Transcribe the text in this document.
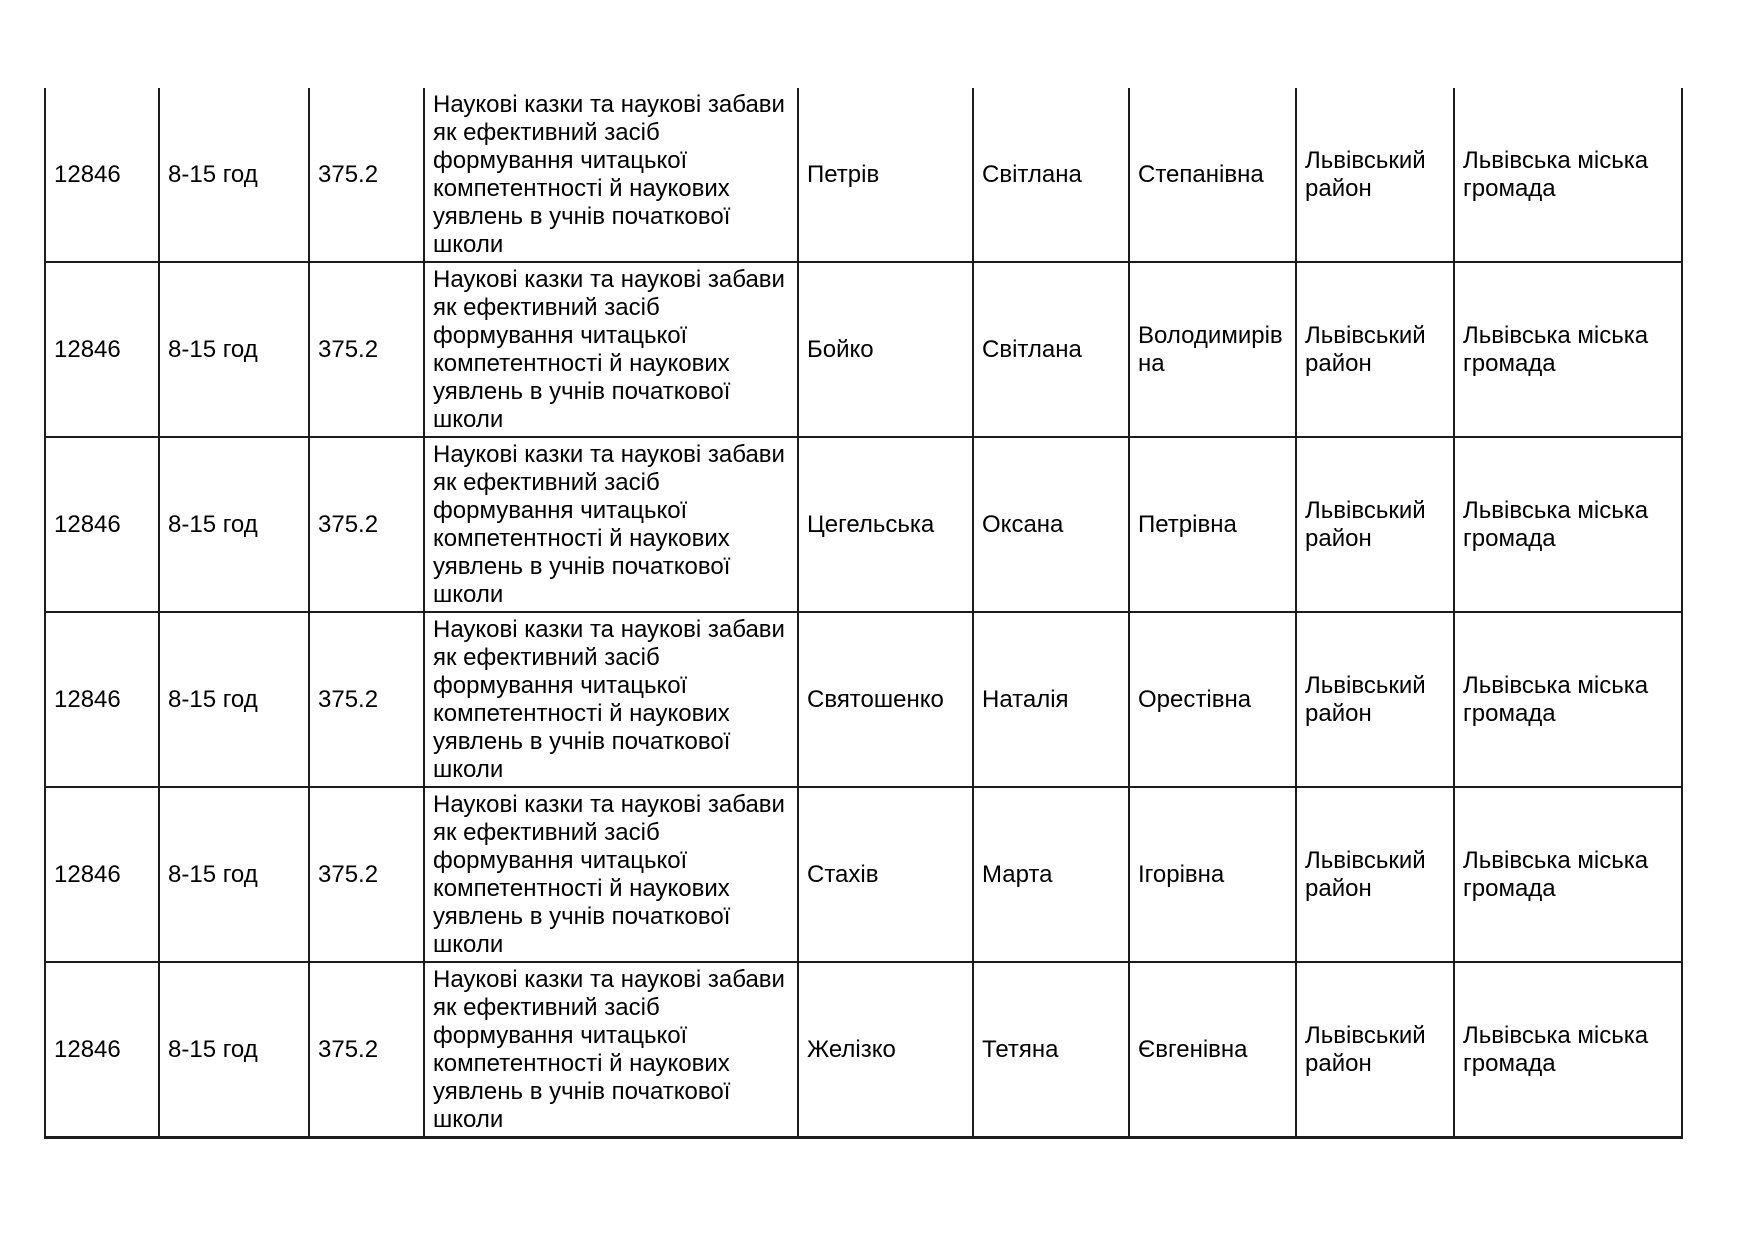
12846	8-15 год	375.2	Наукові казки та наукові забави як ефективний засіб формування читацької компетентності й наукових уявлень в учнів початкової школи	Петрів	Світлана	Степанівна	Львівський район	Львівська міська громада
12846	8-15 год	375.2	Наукові казки та наукові забави як ефективний засіб формування читацької компетентності й наукових уявлень в учнів початкової школи	Бойко	Світлана	Володимирівна	Львівський район	Львівська міська громада
12846	8-15 год	375.2	Наукові казки та наукові забави як ефективний засіб формування читацької компетентності й наукових уявлень в учнів початкової школи	Цегельська	Оксана	Петрівна	Львівський район	Львівська міська громада
12846	8-15 год	375.2	Наукові казки та наукові забави як ефективний засіб формування читацької компетентності й наукових уявлень в учнів початкової школи	Святошенко	Наталія	Орестівна	Львівський район	Львівська міська громада
12846	8-15 год	375.2	Наукові казки та наукові забави як ефективний засіб формування читацької компетентності й наукових уявлень в учнів початкової школи	Стахів	Марта	Ігорівна	Львівський район	Львівська міська громада
12846	8-15 год	375.2	Наукові казки та наукові забави як ефективний засіб формування читацької компетентності й наукових уявлень в учнів початкової школи	Желізко	Тетяна	Євгенівна	Львівський район	Львівська міська громада
